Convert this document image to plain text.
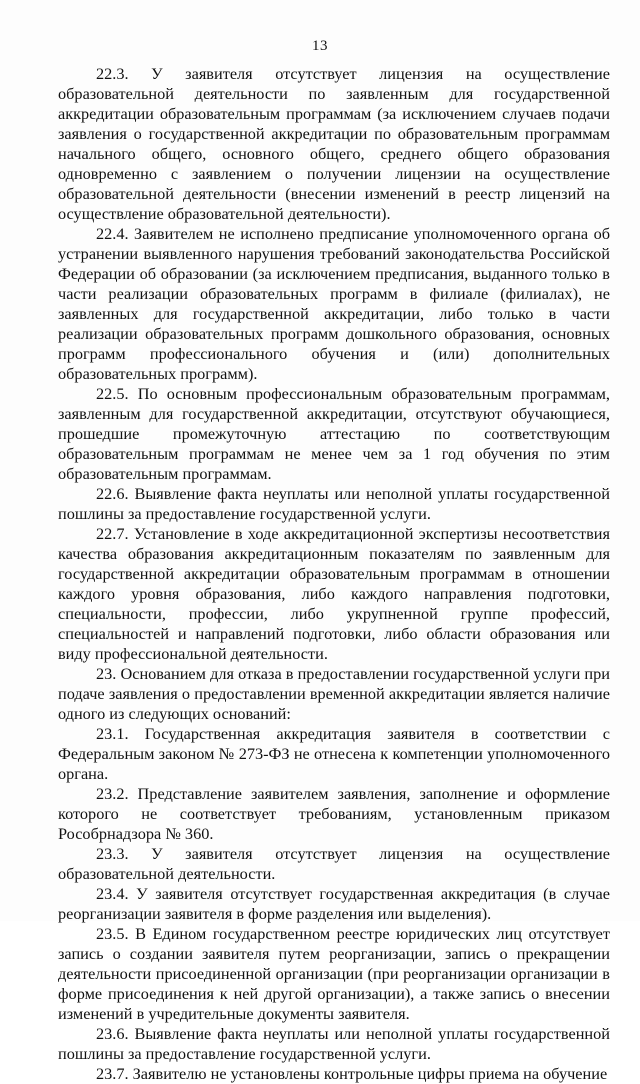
13

22.3. У заявителя отсутствует лицензия на осуществление образовательной деятельности по заявленным для государственной аккредитации образовательным программам (за исключением случаев подачи заявления о государственной аккредитации по образовательным программам начального общего, основного общего, среднего общего образования одновременно с заявлением о получении лицензии на осуществление образовательной деятельности (внесении изменений в реестр лицензий на осуществление образовательной деятельности).

22.4. Заявителем не исполнено предписание уполномоченного органа об устранении выявленного нарушения требований законодательства Российской Федерации об образовании (за исключением предписания, выданного только в части реализации образовательных программ в филиале (филиалах), не заявленных для государственной аккредитации, либо только в части реализации образовательных программ дошкольного образования, основных программ профессионального обучения и (или) дополнительных образовательных программ).

22.5. По основным профессиональным образовательным программам, заявленным для государственной аккредитации, отсутствуют обучающиеся, прошедшие промежуточную аттестацию по соответствующим образовательным программам не менее чем за 1 год обучения по этим образовательным программам.

22.6. Выявление факта неуплаты или неполной уплаты государственной пошлины за предоставление государственной услуги.

22.7. Установление в ходе аккредитационной экспертизы несоответствия качества образования аккредитационным показателям по заявленным для государственной аккредитации образовательным программам в отношении каждого уровня образования, либо каждого направления подготовки, специальности, профессии, либо укрупненной группе профессий, специальностей и направлений подготовки, либо области образования или виду профессиональной деятельности.

23. Основанием для отказа в предоставлении государственной услуги при подаче заявления о предоставлении временной аккредитации является наличие одного из следующих оснований:

23.1. Государственная аккредитация заявителя в соответствии с Федеральным законом № 273-ФЗ не отнесена к компетенции уполномоченного органа.

23.2. Представление заявителем заявления, заполнение и оформление которого не соответствует требованиям, установленным приказом Рособрнадзора № 360.

23.3. У заявителя отсутствует лицензия на осуществление образовательной деятельности.

23.4. У заявителя отсутствует государственная аккредитация (в случае реорганизации заявителя в форме разделения или выделения).

23.5. В Едином государственном реестре юридических лиц отсутствует запись о создании заявителя путем реорганизации, запись о прекращении деятельности присоединенной организации (при реорганизации организации в форме присоединения к ней другой организации), а также запись о внесении изменений в учредительные документы заявителя.

23.6. Выявление факта неуплаты или неполной уплаты государственной пошлины за предоставление государственной услуги.

23.7. Заявителю не установлены контрольные цифры приема на обучение
